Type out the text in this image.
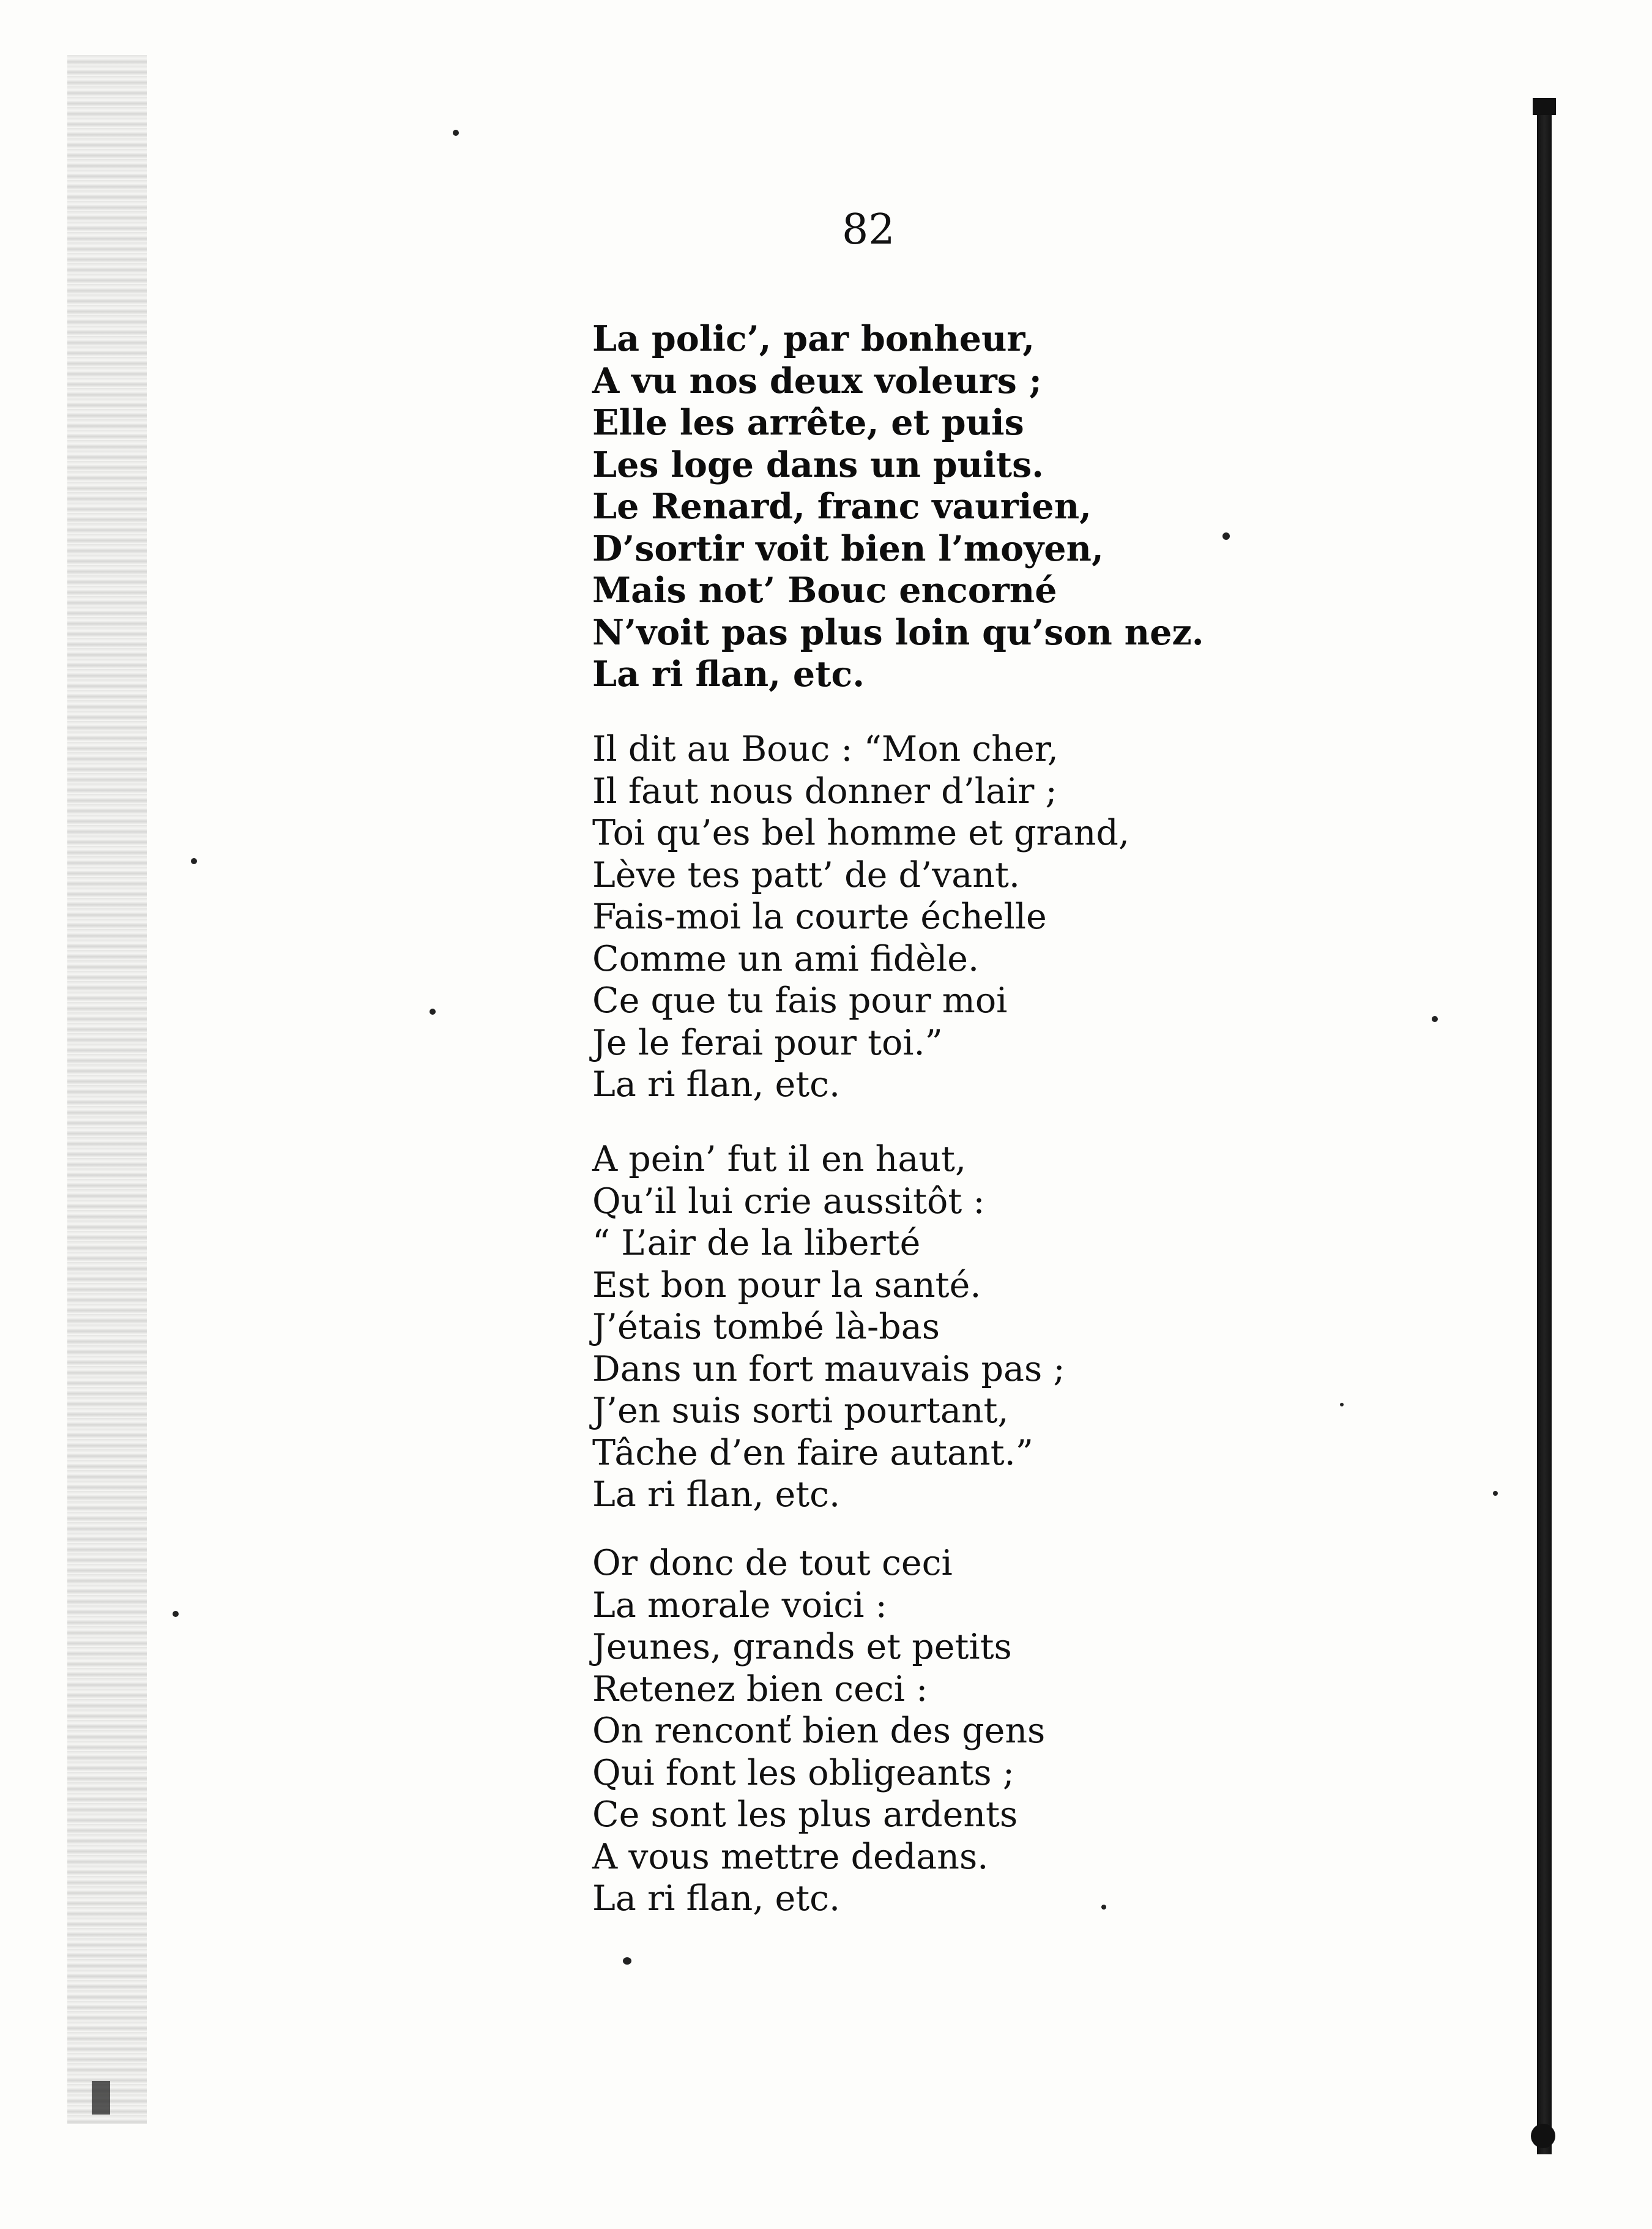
82
La polic’, par bonheur,
A vu nos deux voleurs ;
Elle les arrête, et puis
Les loge dans un puits.
Le Renard, franc vaurien,
D’sortir voit bien l’moyen,
Mais not’ Bouc encorné
N’voit pas plus loin qu’son nez.
La ri flan, etc.
Il dit au Bouc : “Mon cher,
Il faut nous donner d’lair ;
Toi qu’es bel homme et grand,
Lève tes patt’ de d’vant.
Fais-moi la courte échelle
Comme un ami fidèle.
Ce que tu fais pour moi
Je le ferai pour toi.”
La ri flan, etc.
A pein’ fut il en haut,
Qu’il lui crie aussitôt :
“ L’air de la liberté
Est bon pour la santé.
J’étais tombé là-bas
Dans un fort mauvais pas ;
J’en suis sorti pourtant,
Tâche d’en faire autant.”
La ri flan, etc.
Or donc de tout ceci
La morale voici :
Jeunes, grands et petits
Retenez bien ceci :
On renconť bien des gens
Qui font les obligeants ;
Ce sont les plus ardents
A vous mettre dedans.
La ri flan, etc.
